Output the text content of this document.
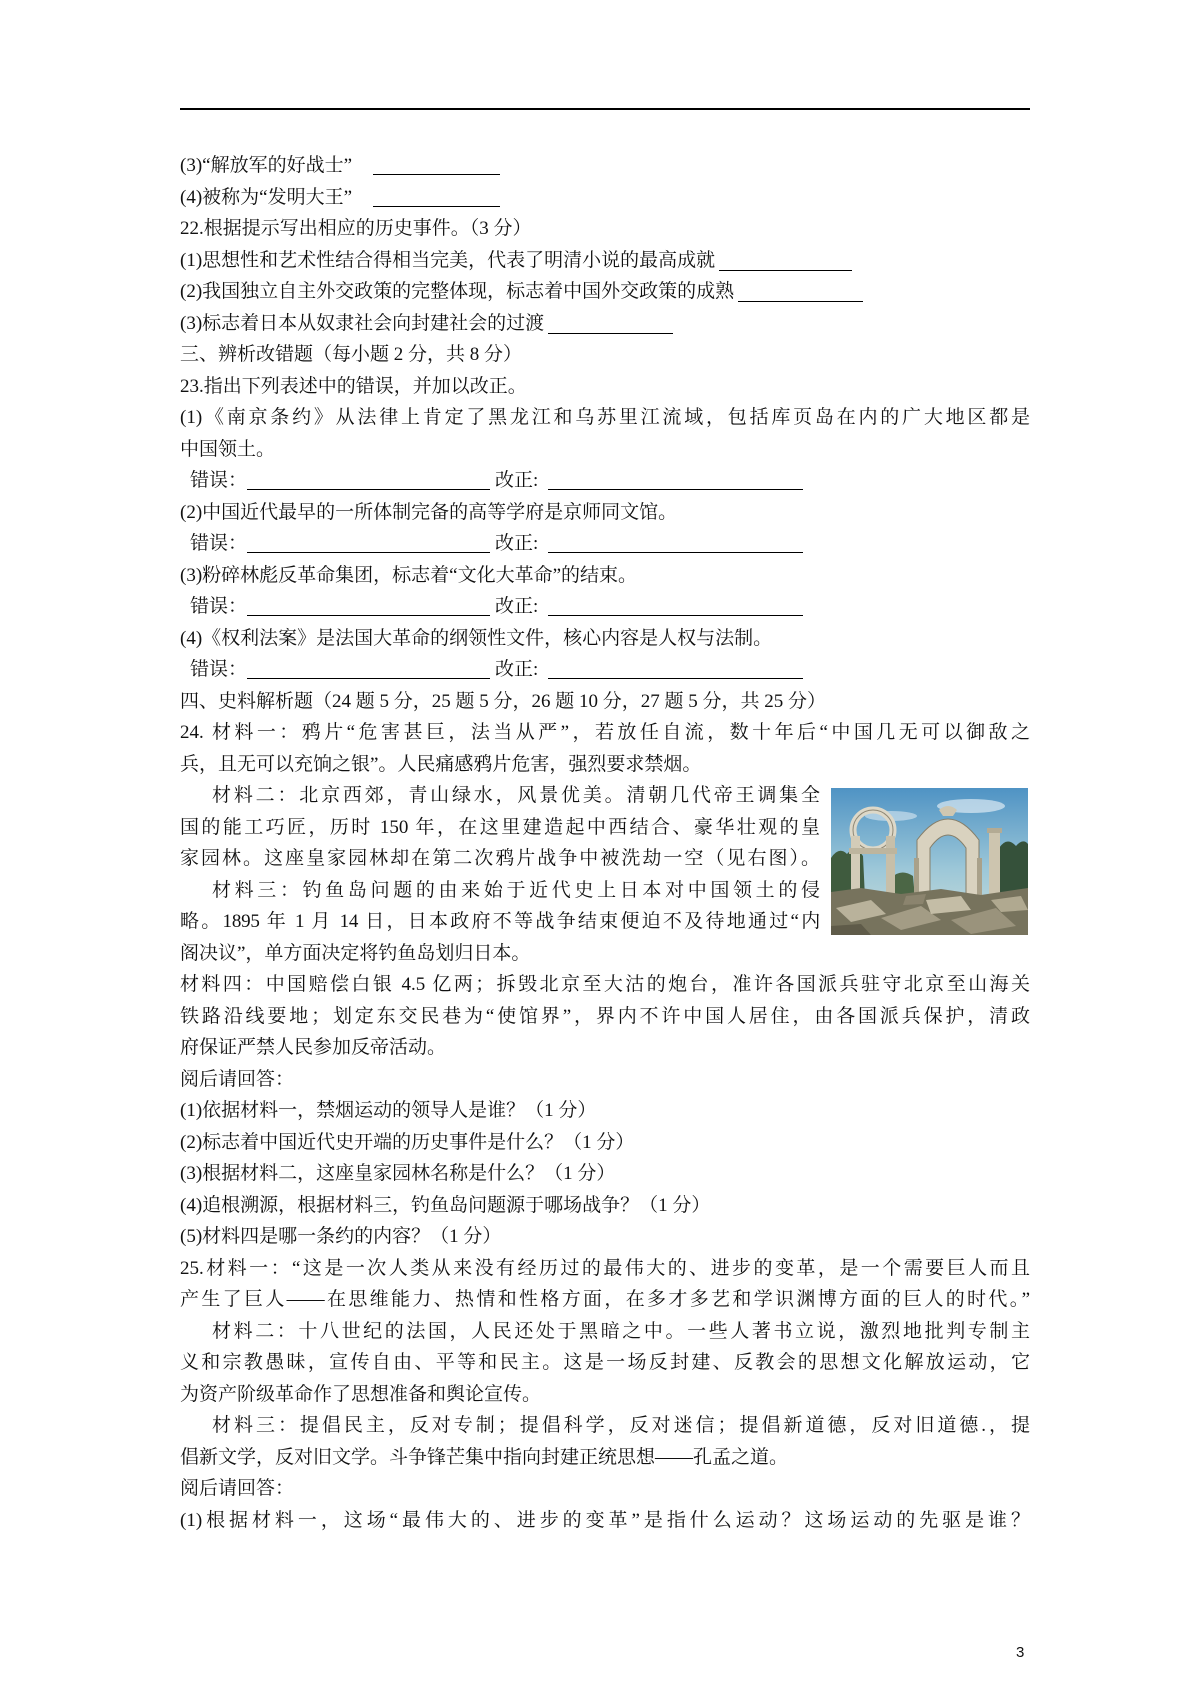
(3)“解放军的好战士”
(4)被称为“发明大王”
22.根据提示写出相应的历史事件。（3 分）
(1)思想性和艺术性结合得相当完美，代表了明清小说的最高成就
(2)我国独立自主外交政策的完整体现，标志着中国外交政策的成熟
(3)标志着日本从奴隶社会向封建社会的过渡
三、辨析改错题（每小题 2 分，共 8 分）
23.指出下列表述中的错误，并加以改正。
(1)《南京条约》从法律上肯定了黑龙江和乌苏里江流域，包括库页岛在内的广大地区都是
中国领土。
错误：	改正:
(2)中国近代最早的一所体制完备的高等学府是京师同文馆。
错误：	改正:
(3)粉碎林彪反革命集团，标志着“文化大革命”的结束。
错误：	改正:
(4)《权利法案》是法国大革命的纲领性文件，核心内容是人权与法制。
错误：	改正:
四、史料解析题（24 题 5 分，25 题 5 分，26 题 10 分，27 题 5 分，共 25 分）
24. 材料一：鸦片“危害甚巨，法当从严”，若放任自流，数十年后“中国几无可以御敌之
兵，且无可以充饷之银”。人民痛感鸦片危害，强烈要求禁烟。
材料二：北京西郊，青山绿水，风景优美。清朝几代帝王调集全
国的能工巧匠，历时 150 年，在这里建造起中西结合、豪华壮观的皇
家园林。这座皇家园林却在第二次鸦片战争中被洗劫一空（见右图）。
材料三：钓鱼岛问题的由来始于近代史上日本对中国领土的侵
略。1895 年 1 月 14 日，日本政府不等战争结束便迫不及待地通过“内
阁决议”，单方面决定将钓鱼岛划归日本。
材料四：中国赔偿白银 4.5 亿两；拆毁北京至大沽的炮台，准许各国派兵驻守北京至山海关
铁路沿线要地；划定东交民巷为“使馆界”，界内不许中国人居住，由各国派兵保护，清政
府保证严禁人民参加反帝活动。
阅后请回答：
(1)依据材料一，禁烟运动的领导人是谁？（1 分）
(2)标志着中国近代史开端的历史事件是什么？（1 分）
(3)根据材料二，这座皇家园林名称是什么？（1 分）
(4)追根溯源，根据材料三，钓鱼岛问题源于哪场战争？（1 分）
(5)材料四是哪一条约的内容？（1 分）
25.材料一：“这是一次人类从来没有经历过的最伟大的、进步的变革，是一个需要巨人而且
产生了巨人——在思维能力、热情和性格方面，在多才多艺和学识渊博方面的巨人的时代。”
材料二：十八世纪的法国，人民还处于黑暗之中。一些人著书立说，激烈地批判专制主
义和宗教愚昧，宣传自由、平等和民主。这是一场反封建、反教会的思想文化解放运动，它
为资产阶级革命作了思想准备和舆论宣传。
材料三：提倡民主，反对专制；提倡科学，反对迷信；提倡新道德，反对旧道德.，提
倡新文学，反对旧文学。斗争锋芒集中指向封建正统思想——孔孟之道。
阅后请回答：
(1)根据材料一，这场“最伟大的、进步的变革”是指什么运动？这场运动的先驱是谁？
3
